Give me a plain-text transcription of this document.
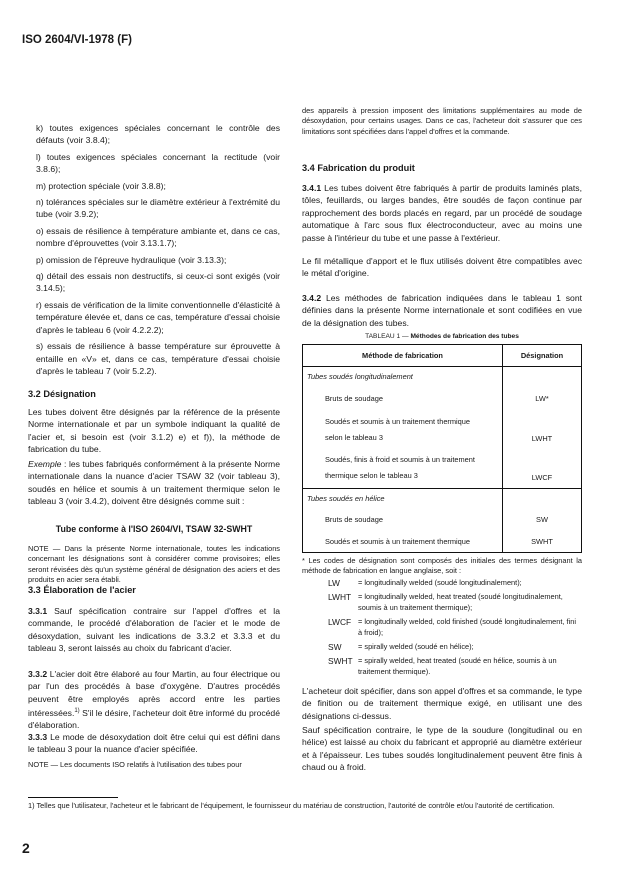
ISO 2604/VI-1978 (F)
k) toutes exigences spéciales concernant le contrôle des défauts (voir 3.8.4);
l) toutes exigences spéciales concernant la rectitude (voir 3.8.6);
m) protection spéciale (voir 3.8.8);
n) tolérances spéciales sur le diamètre extérieur à l'extrémité du tube (voir 3.9.2);
o) essais de résilience à température ambiante et, dans ce cas, nombre d'éprouvettes (voir 3.13.1.7);
p) omission de l'épreuve hydraulique (voir 3.13.3);
q) détail des essais non destructifs, si ceux-ci sont exigés (voir 3.14.5);
r) essais de vérification de la limite conventionnelle d'élasticité à température élevée et, dans ce cas, température d'essai choisie d'après le tableau 6 (voir 4.2.2.2);
s) essais de résilience à basse température sur éprouvette à entaille en «V» et, dans ce cas, température d'essai choisie d'après le tableau 7 (voir 5.2.2).
3.2 Désignation
Les tubes doivent être désignés par la référence de la présente Norme internationale et par un symbole indiquant la qualité de l'acier et, si besoin est (voir 3.1.2) e) et f)), la méthode de fabrication du tube.
Exemple : les tubes fabriqués conformément à la présente Norme internationale dans la nuance d'acier TSAW 32 (voir tableau 3), soudés en hélice et soumis à un traitement thermique selon le tableau 3 (voir 3.4.2), doivent être désignés comme suit :
Tube conforme à l'ISO 2604/VI, TSAW 32-SWHT
NOTE — Dans la présente Norme internationale, toutes les indications concernant les désignations sont à considérer comme provisoires; elles seront révisées dès qu'un système général de désignation des aciers et des produits en acier sera établi.
3.3 Élaboration de l'acier
3.3.1 Sauf spécification contraire sur l'appel d'offres et la commande, le procédé d'élaboration de l'acier et le mode de désoxydation, suivant les indications de 3.3.2 et 3.3.3 et du tableau 3, seront laissés au choix du fabricant d'acier.
3.3.2 L'acier doit être élaboré au four Martin, au four électrique ou par l'un des procédés à base d'oxygène. D'autres procédés peuvent être employés après accord entre les parties intéressées.$^{1)}$ S'il le désire, l'acheteur doit être informé du procédé d'élaboration.
3.3.3 Le mode de désoxydation doit être celui qui est défini dans le tableau 3 pour la nuance d'acier spécifiée.
NOTE — Les documents ISO relatifs à l'utilisation des tubes pour
des appareils à pression imposent des limitations supplémentaires au mode de désoxydation, pour certains usages. Dans ce cas, l'acheteur doit s'assurer que ces limitations sont spécifiées dans l'appel d'offres et la commande.
3.4 Fabrication du produit
3.4.1 Les tubes doivent être fabriqués à partir de produits laminés plats, tôles, feuillards, ou larges bandes, être soudés de façon continue par rapprochement des bords placés en regard, par un procédé de soudage automatique à l'arc sous flux électroconducteur, avec au moins une passe à l'intérieur du tube et une passe à l'extérieur.
Le fil métallique d'apport et le flux utilisés doivent être compatibles avec le métal d'origine.
3.4.2 Les méthodes de fabrication indiquées dans le tableau 1 sont définies dans la présente Norme internationale et sont codifiées en vue de la désignation des tubes.
TABLEAU 1 — Méthodes de fabrication des tubes
Méthode de fabrication	Désignation
Tubes soudés longitudinalement	
Bruts de soudage	LW*
Soudés et soumis à un traitement thermique selon le tableau 3	LWHT
Soudés, finis à froid et soumis à un traitement thermique selon le tableau 3	LWCF
Tubes soudés en hélice	
Bruts de soudage	SW
Soudés et soumis à un traitement thermique	SWHT
* Les codes de désignation sont composés des initiales des termes désignant la méthode de fabrication en langue anglaise, soit :
LW	= longitudinally welded (soudé longitudinalement);
LWHT = longitudinally welded, heat treated (soudé longitudinalement, soumis à un traitement thermique);
LWCF = longitudinally welded, cold finished (soudé longitudinalement, fini à froid);
SW	= spirally welded (soudé en hélice);
SWHT = spirally welded, heat treated (soudé en hélice, soumis à un traitement thermique).
L'acheteur doit spécifier, dans son appel d'offres et sa commande, le type de finition ou de traitement thermique exigé, en utilisant une des désignations ci-dessus.
Sauf spécification contraire, le type de la soudure (longitudinal ou en hélice) est laissé au choix du fabricant et approprié au diamètre extérieur et à l'épaisseur. Les tubes soudés longitudinalement peuvent être finis à chaud ou à froid.
1) Telles que l'utilisateur, l'acheteur et le fabricant de l'équipement, le fournisseur du matériau de construction, l'autorité de contrôle et/ou l'autorité de certification.
2
